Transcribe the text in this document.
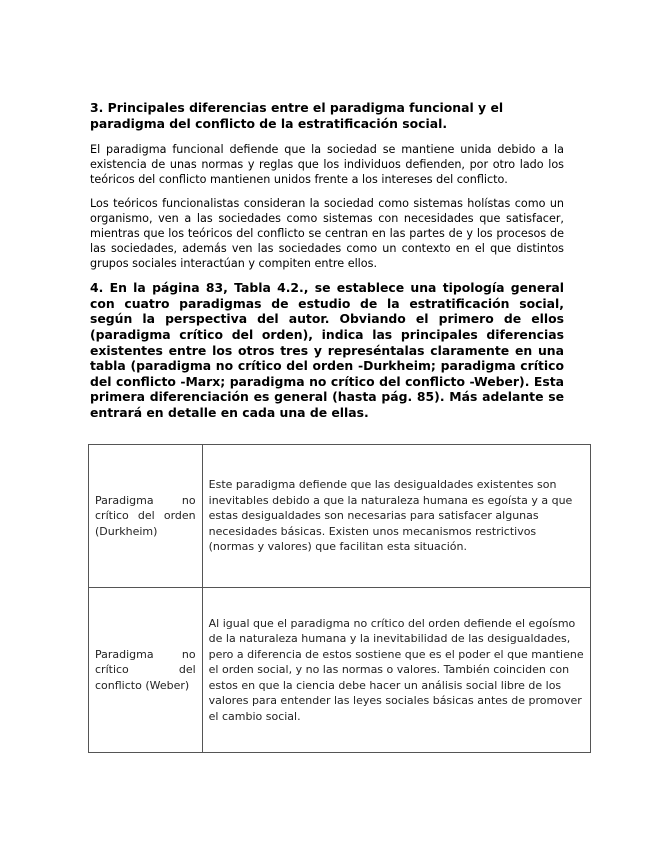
3. Principales diferencias entre el paradigma funcional y el paradigma del conflicto de la estratificación social.

El paradigma funcional defiende que la sociedad se mantiene unida debido a la existencia de unas normas y reglas que los individuos defienden, por otro lado los teóricos del conflicto mantienen unidos frente a los intereses del conflicto.

Los teóricos funcionalistas consideran la sociedad como sistemas holístas como un organismo, ven a las sociedades como sistemas con necesidades que satisfacer, mientras que los teóricos del conflicto se centran en las partes de y los procesos de las sociedades, además ven las sociedades como un contexto en el que distintos grupos sociales interactúan y compiten entre ellos.

4. En la página 83, Tabla 4.2., se establece una tipología general con cuatro paradigmas de estudio de la estratificación social, según la perspectiva del autor. Obviando el primero de ellos (paradigma crítico del orden), indica las principales diferencias existentes entre los otros tres y represéntalas claramente en una tabla (paradigma no crítico del orden -Durkheim; paradigma crítico del conflicto -Marx; paradigma no crítico del conflicto -Weber). Esta primera diferenciación es general (hasta pág. 85). Más adelante se entrará en detalle en cada una de ellas.

Paradigma no crítico del orden (Durkheim)	Este paradigma defiende que las desigualdades existentes son inevitables debido a que la naturaleza humana es egoísta y a que estas desigualdades son necesarias para satisfacer algunas necesidades básicas. Existen unos mecanismos restrictivos (normas y valores) que facilitan esta situación.
Paradigma no crítico del conflicto (Weber)	Al igual que el paradigma no crítico del orden defiende el egoísmo de la naturaleza humana y la inevitabilidad de las desigualdades, pero a diferencia de estos sostiene que es el poder el que mantiene el orden social, y no las normas o valores. También coinciden con estos en que la ciencia debe hacer un análisis social libre de los valores para entender las leyes sociales básicas antes de promover el cambio social.
